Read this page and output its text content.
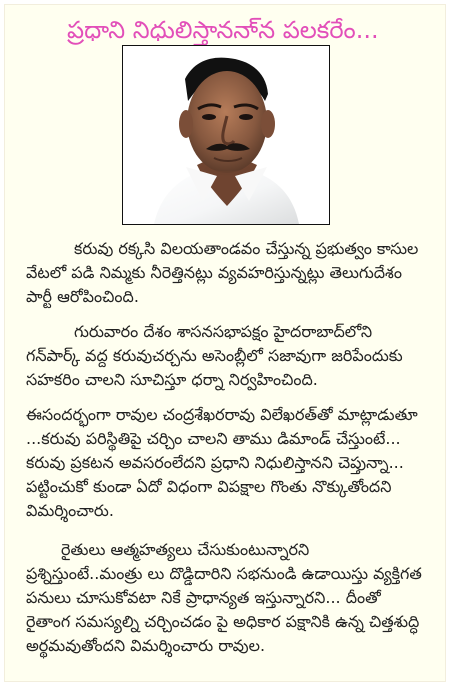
ప్రధాని నిధులిస్తాననా్న పలకరేం...
కరువు రక్కసి విలయతాండవం చేస్తున్న ప్రభుత్వం కాసుల వేటలో పడి నిమ్మకు నీరెత్తినట్లు వ్యవహరిస్తున్నట్లు తెలుగుదేశం పార్టీ ఆరోపించింది.
గురువారం దేశం శాసనసభాపక్షం హైదరాబాద్‌లోని గన్‌పార్క్ వద్ద కరువుచర్చను అసెంబ్లీలో సజావుగా జరిపేందుకు సహకరిం చాలని సూచిస్తూ ధర్నా నిర్వహించింది.
ఈసందర్భంగా రావుల చంద్రశేఖరరావు విలేఖరత్‌తో మాట్లాడుతూ ...కరువు పరిస్థితిపై చర్చిం చాలని తాము డిమాండ్ చేస్తుంటే... కరువు ప్రకటన అవసరంలేదని ప్రధాని నిధులిస్తానని చెప్తున్నా... పట్టించుకో కుండా ఏదో విధంగా విపక్షాల గొంతు నొక్కుతోందని విమర్శించారు.
రైతులు ఆత్మహత్యలు చేసుకుంటున్నారని ప్రశ్నిస్తుంటే..మంత్రు లు దొడ్డిదారిని సభనుండి ఉడాయిస్తు వ్యక్తిగత పనులు చూసుకోవటా నికే ప్రాధాన్యత ఇస్తున్నారని... దీంతో రైతాంగ సమస్యల్ని చర్చించడం పై అధికార పక్షానికి ఉన్న చిత్తశుద్ధి అర్థమవుతోందని విమర్శించారు రావుల.
